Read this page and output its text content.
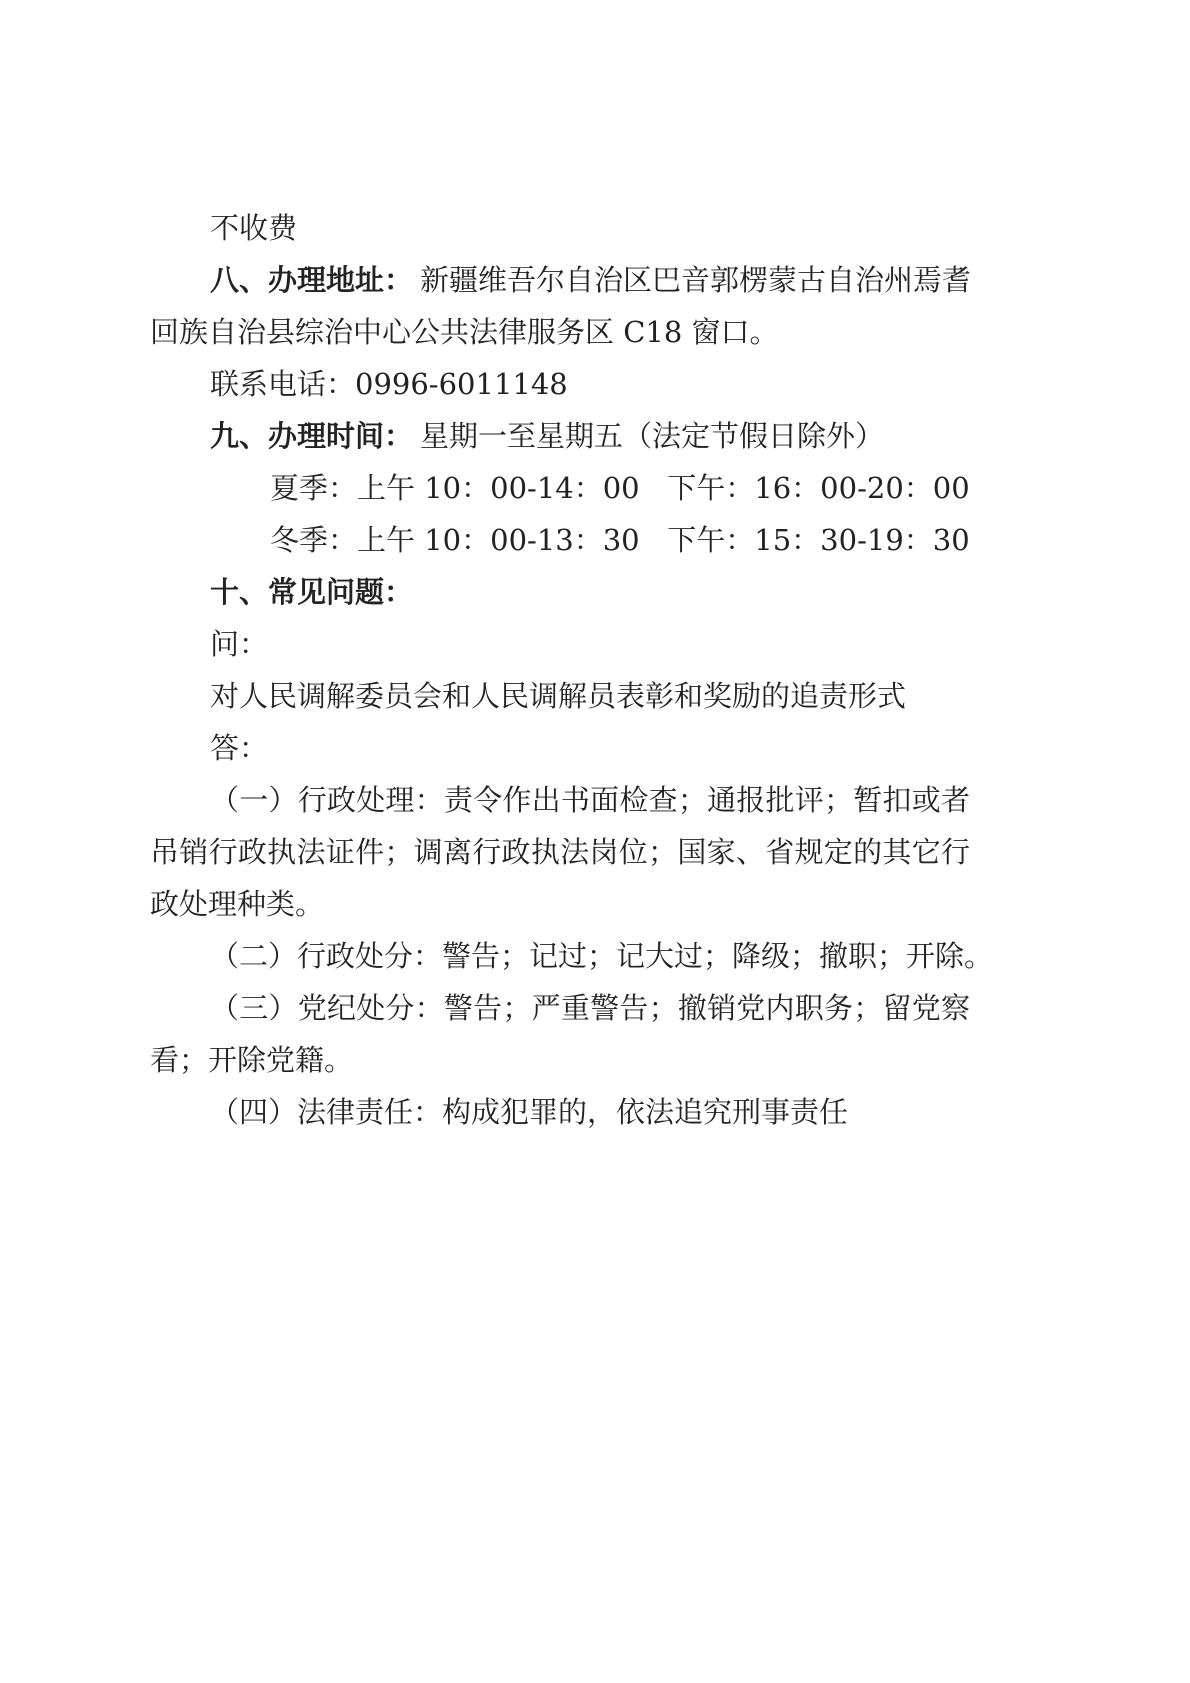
不收费
八、办理地址： 新疆维吾尔自治区巴音郭楞蒙古自治州焉耆
回族自治县综治中心公共法律服务区 C18 窗口。
联系电话：0996-6011148
九、办理时间： 星期一至星期五（法定节假日除外）
夏季：上午 10：00-14：00   下午：16：00-20：00
冬季：上午 10：00-13：30   下午：15：30-19：30
十、常见问题：
问：
对人民调解委员会和人民调解员表彰和奖励的追责形式
答：
（一）行政处理：责令作出书面检查；通报批评；暂扣或者
吊销行政执法证件；调离行政执法岗位；国家、省规定的其它行
政处理种类。
（二）行政处分：警告；记过；记大过；降级；撤职；开除。
（三）党纪处分：警告；严重警告；撤销党内职务；留党察
看；开除党籍。
（四）法律责任：构成犯罪的，依法追究刑事责任
